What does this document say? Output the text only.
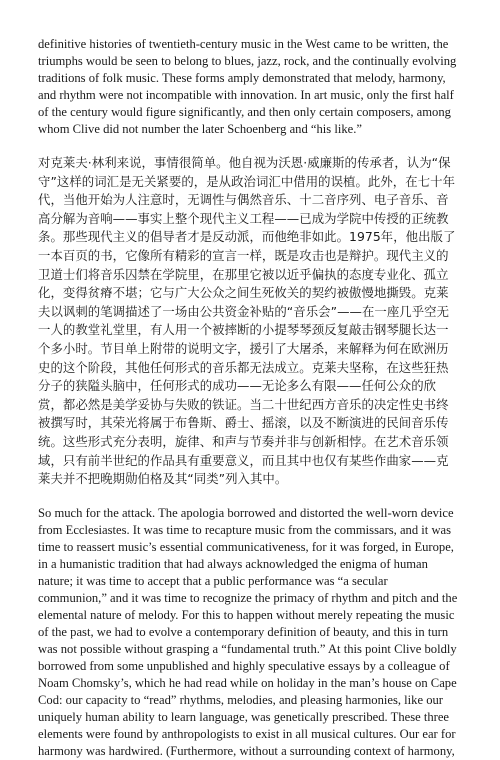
definitive histories of twentieth-century music in the West came to be written, the
triumphs would be seen to belong to blues, jazz, rock, and the continually evolving
traditions of folk music. These forms amply demonstrated that melody, harmony,
and rhythm were not incompatible with innovation. In art music, only the first half
of the century would figure significantly, and then only certain composers, among
whom Clive did not number the later Schoenberg and “his like.”
对克莱夫·林利来说，事情很简单。他自视为沃恩·威廉斯的传承者，认为“保
守”这样的词汇是无关紧要的，是从政治词汇中借用的误植。此外，在七十年
代，当他开始为人注意时，无调性与偶然音乐、十二音序列、电子音乐、音
高分解为音响——事实上整个现代主义工程——已成为学院中传授的正统教
条。那些现代主义的倡导者才是反动派，而他绝非如此。1975年，他出版了
一本百页的书，它像所有精彩的宣言一样，既是攻击也是辩护。现代主义的
卫道士们将音乐囚禁在学院里，在那里它被以近乎偏执的态度专业化、孤立
化，变得贫瘠不堪；它与广大公众之间生死攸关的契约被傲慢地撕毁。克莱
夫以讽刺的笔调描述了一场由公共资金补贴的“音乐会”——在一座几乎空无
一人的教堂礼堂里，有人用一个被摔断的小提琴琴颈反复敲击钢琴腿长达一
个多小时。节目单上附带的说明文字，援引了大屠杀，来解释为何在欧洲历
史的这个阶段，其他任何形式的音乐都无法成立。克莱夫坚称，在这些狂热
分子的狭隘头脑中，任何形式的成功——无论多么有限——任何公众的欣
赏，都必然是美学妥协与失败的铁证。当二十世纪西方音乐的决定性史书终
被撰写时，其荣光将属于布鲁斯、爵士、摇滚，以及不断演进的民间音乐传
统。这些形式充分表明，旋律、和声与节奏并非与创新相悖。在艺术音乐领
域，只有前半世纪的作品具有重要意义，而且其中也仅有某些作曲家——克
莱夫并不把晚期勋伯格及其“同类”列入其中。
So much for the attack. The apologia borrowed and distorted the well-worn device
from Ecclesiastes. It was time to recapture music from the commissars, and it was
time to reassert music’s essential communicativeness, for it was forged, in Europe,
in a humanistic tradition that had always acknowledged the enigma of human
nature; it was time to accept that a public performance was “a secular
communion,” and it was time to recognize the primacy of rhythm and pitch and the
elemental nature of melody. For this to happen without merely repeating the music
of the past, we had to evolve a contemporary definition of beauty, and this in turn
was not possible without grasping a “fundamental truth.” At this point Clive boldly
borrowed from some unpublished and highly speculative essays by a colleague of
Noam Chomsky’s, which he had read while on holiday in the man’s house on Cape
Cod: our capacity to “read” rhythms, melodies, and pleasing harmonies, like our
uniquely human ability to learn language, was genetically prescribed. These three
elements were found by anthropologists to exist in all musical cultures. Our ear for
harmony was hardwired. (Furthermore, without a surrounding context of harmony,
